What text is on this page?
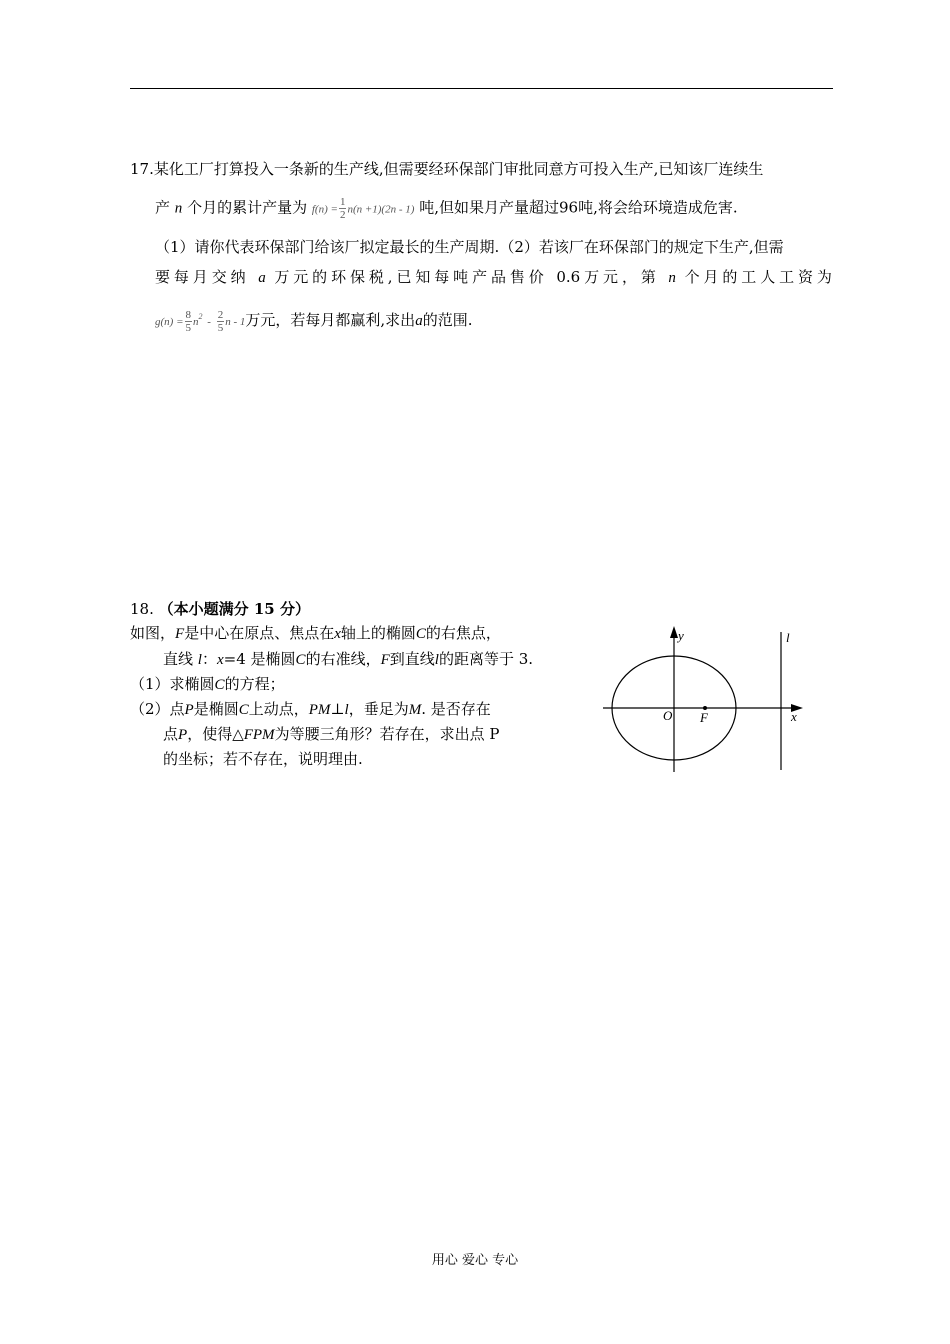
17.某化工厂打算投入一条新的生产线,但需要经环保部门审批同意方可投入生产,已知该厂连续生
产 n 个月的累计产量为 $f(n) = \frac{1}{2} n(n +1)(2n - 1)$ 吨,但如果月产量超过96吨,将会给环境造成危害.
（1）请你代表环保部门给该厂拟定最长的生产周期.（2）若该厂在环保部门的规定下生产,但需
要每月交纳 a 万元的环保税,已知每吨产品售价 0.6万元，第 n 个月的工人工资为
$g(n) = \frac{8}{5} n^2 - \frac{2}{5}$ n - 1万元，若每月都赢利,求出a的范围.
18. （本小题满分 15 分）
如图，F是中心在原点、焦点在x轴上的椭圆C的右焦点，
直线 l：x=4 是椭圆C的右准线，F到直线l的距离等于 3.
（1）求椭圆C的方程；
（2）点P是椭圆C上动点，PM⊥l，垂足为M. 是否存在
点P，使得△FPM为等腰三角形？若存在，求出点 P
的坐标；若不存在，说明理由.
y	l
O F	x
用心 爱心 专心
